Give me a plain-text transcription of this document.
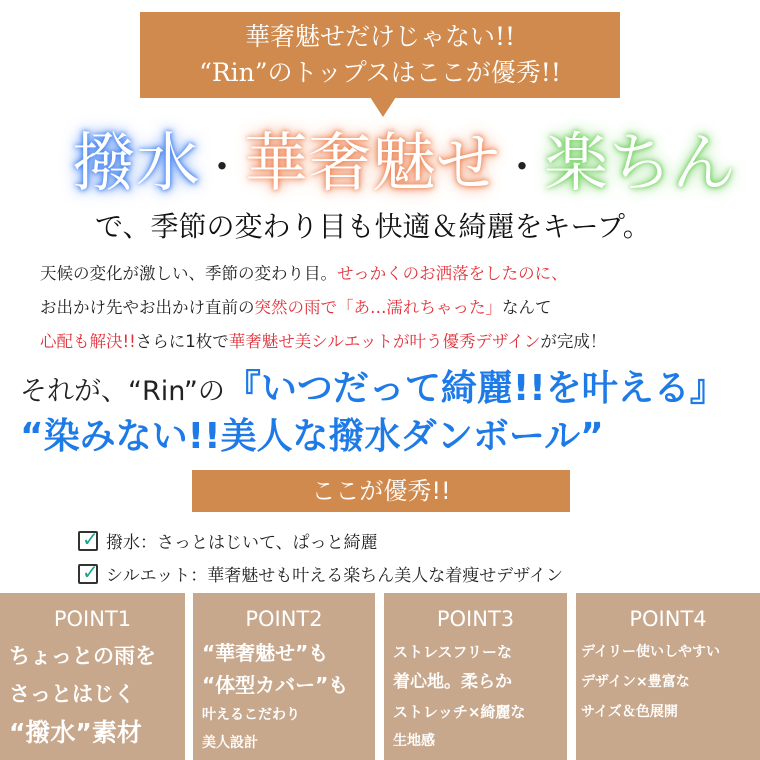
華奢魅せだけじゃない!!
“Rin”のトップスはここが優秀!!
撥水・華奢魅せ・楽ちん
で、季節の変わり目も快適＆綺麗をキープ。
天候の変化が激しい、季節の変わり目。せっかくのお洒落をしたのに、
お出かけ先やお出かけ直前の突然の雨で「あ…濡れちゃった」なんて
心配も解決!!さらに1枚で華奢魅せ美シルエットが叶う優秀デザインが完成！
それが、“Rin”の『いつだって綺麗!!を叶える』
“染みない!!美人な撥水ダンボール”
ここが優秀!!
✓
撥水：さっとはじいて、ぱっと綺麗
✓
シルエット：華奢魅せも叶える楽ちん美人な着痩せデザイン
POINT1
ちょっとの雨を
さっとはじく
“撥水”素材
POINT2
“華奢魅せ”も
“体型カバー”も
叶えるこだわり
美人設計
POINT3
ストレスフリーな
着心地。柔らか
ストレッチ×綺麗な
生地感
POINT4
デイリー使いしやすい
デザイン×豊富な
サイズ＆色展開
